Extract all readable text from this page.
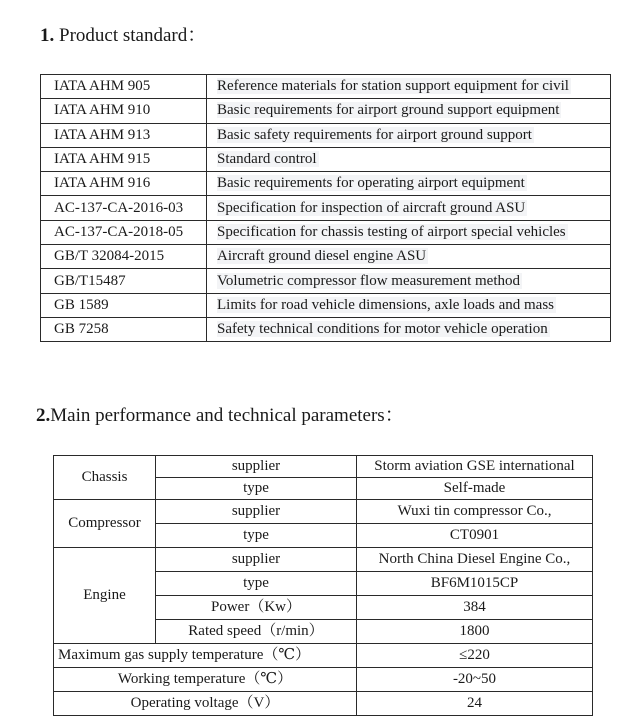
1. Product standard：
IATA AHM 905	Reference materials for station support equipment for civil
IATA AHM 910	Basic requirements for airport ground support equipment
IATA AHM 913	Basic safety requirements for airport ground support
IATA AHM 915	Standard control
IATA AHM 916	Basic requirements for operating airport equipment
AC-137-CA-2016-03	Specification for inspection of aircraft ground ASU
AC-137-CA-2018-05	Specification for chassis testing of airport special vehicles
GB/T 32084-2015	Aircraft ground diesel engine ASU
GB/T15487	Volumetric compressor flow measurement method
GB 1589	Limits for road vehicle dimensions, axle loads and mass
GB 7258	Safety technical conditions for motor vehicle operation
2.Main performance and technical parameters：
Chassis	supplier	Storm aviation GSE international
	type	Self-made
Compressor	supplier	Wuxi tin compressor Co.,
	type	CT0901
Engine	supplier	North China Diesel Engine Co.,
	type	BF6M1015CP
	Power（Kw）	384
	Rated speed（r/min）	1800
Maximum gas supply temperature（℃）		≤220
Working temperature（℃）		-20~50
Operating voltage（V）		24
